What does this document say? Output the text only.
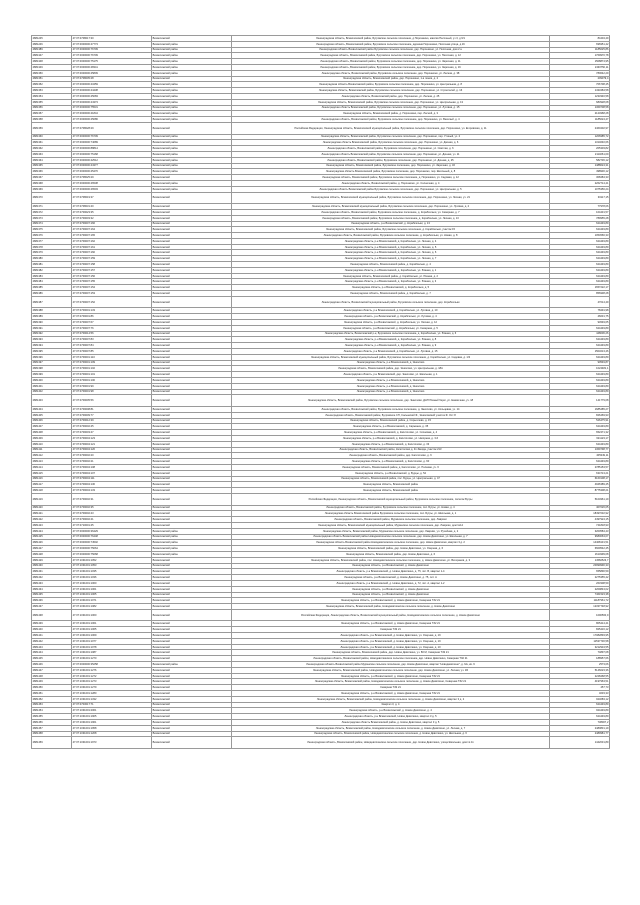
2881245	47:07:0708017:30	Всеволожский	Ленинградская область, Всеволожский район, Бугровское сельское поселение, д.Порошкино, массив Песочный, уч 3, д 6/1	84404,49
2881246	47:07:0000000:47773	Всеволожский район	Ленинградская область, Всеволожский район, Бугровское сельское поселение, деревня Порошкино, Песочная улица, д.16	696951,42
2881389	47:07:0000000:76709	Всеволожский район	Ленинградская область Всеволожский район Бугровское сельское поселение, дер. Порошкино, ул. Песочная, дом 2 а	1185625,86
2881347	47:07:0000000:76709	Всеволожский район	Ленинградская область, Всеволожский район, Бугровское сельское поселение, дер. Порошкино, ул. Песочная, д. 12	1769970,78
2881348	47:07:0000000:75175	Всеволожский район	Ленинградская область, Всеволожский район, Бугровское сельское поселение, дер. Порошкино, ул. Заречная, д. 11	1508874,95
2881349	47:07:0000000:48341	Всеволожский район	Ленинградская область, Всеволожский район, Бугровское сельское поселение, дер. Порошкино, ул. Заречная, д. 16	2430750,11
2881350	47:07:0000000:45809	Всеволожский район	Ленинградская область, Всеволожский район, Бугровское сельское поселение, дер. Порошкино, ул. Лесная, д. 38	780642,29
2881351	47:07:0708005:28	Всеволожский	Ленинградская область, Всеволожский район, дер. Порошкино, 1-я линия, д. 2	209079,4
2881352	47:07:0000000:43459	Всеволожский район	Ленинградская область Всеволожский район, Бугровское сельское поселение, дер. Порошкино, ул. Центральная, д. 8	706708,45
2881353	47:07:0000000:44438	Всеволожский район	Ленинградская область, Всеволожский район, Бугровское сельское поселение, дер. Порошкино, ул. Строителей, д. 16	1433484,58
2881354	47:07:0000000:45083	Всеволожский район	Ленинградская область, Всеволожский район, дер. Порошкино, ул. Лесная, д. 25	1233346,58
2881355	47:07:0000000:44373	Всеволожский район	Ленинградская область, Всеволожский район, Бугровское сельское поселение, дер. Порошкино, ул. Центральная, д. 13	683928,08
2881356	47:07:0000000:75531	Всеволожский район	Ленинградская область Всеволожский район, Бугровское сельское поселение, дер. Порошкино, ул. Луговая, д. 15	1369708,58
2881357	47:07:0000000:41844	Всеволожский район	Ленинградская область, Всеволожский район, д. Порошкино, пер. Лесной, д. 3	2124968,28
2881358	47:07:0000000:45086	Всеволожский район	Ленинградская область, Всеволожский район, Бугровское сельское поселение, дер. Порошкино, ул. Веселый, д. 4	1185624,47
2881359	47:07:0708028:29	Всеволожский	Российская Федерация, Ленинградская область, Всеволожский муниципальный район, Бугровское сельское поселение, дер. Порошкино, ул. Егоровская, д. 11	2460402,97
2881360	47:07:0000000:76709	Всеволожский район	Ленинградская область, Всеволожский район, Бугровское сельское поселение, дер. Порошкино, пер. Утиный, уч. 2	1206985,72
2881361	47:07:0000000:74689	Всеволожский район	Ленинградская область Всеволожский район, Бугровское сельское поселение, дер. Порошкино, ул. Дачная, д. 6	1314640,66
2881362	47:07:0000000:88814	Всеволожский район	Ленинградская область, Всеволожский район, Бугровское поселение, дер. Порошкино, ул. Светлая, д. 6	205303,82
2881363	47:07:0000000:75168	Всеволожский район	Ленинградская область Всеволожский район, Бугровское сельское поселение, дер. Порошкино, ул. Дачная, уч. 11	2114061,09
2881364	47:07:0000000:42512	Всеволожский район	Ленинградская область, Всеволожский район, Бугровское поселение, дер. Порошкино, ул. Дачная, д. 25	582736,12
2881365	47:07:0000000:44377	Всеволожский район	Ленинградская область, Всеволожский район, Бугровское поселение, дер. Порошкино, ул. Заречная, д. 32	1488624,31
2881366	47:07:0000000:45476	Всеволожский район	Ленинградская область Всеволожский район, Бугровское поселение, дер. Порошкино, пер. Школьный, д. 8	498930,12
2881367	47:07:0708025:29	Всеволожский	Ленинградская область, Всеволожский район, Бугровское сельское поселение, д. Порошкино, ул. Садовая, д. 12	308484,33
2881368	47:07:0000000:46538	Всеволожский район	Ленинградская область, Всеволожский район, д. Порошкино, ул. Солнечная, д. 4	2262714,41
2881369	47:07:0000000:46503	Всеволожский район	Ленинградская область Всеволожский район Бугровское сельское поселение, дер. Порошкино, ул. Центральная, д. 5	1075356,24
2881370	47:07:0708019:37	Всеволожский	Ленинградская область, Всеволожский муниципальный район, Бугровское сельское поселение, дер. Порошкино, ул. Лесная, уч. 21	30117,15
2881371	47:07:0708031:40	Всеволожский	Ленинградская область, Всеволожский муниципальный район, Бугровское сельское поселение, дер. Порошкино, ул. Луговая, д. 2	77978,06
2881372	47:07:0709023:35	Всеволожский	Ленинградская область, Всеволожский район, Бугровское сельское поселение, д. Корабсельки, ул. Северная, д. 7	104431,57
2881373	47:07:0709003:32	Всеволожский	Ленинградская область, Всеволожский район, Бугровское сельское поселение, д. Корабсельки, ул. Лесная, д. 13	789955,28
2881374	47:07:0709007:166	Всеволожский	Ленинградская область, р-н Всеволожский, д. Корабсельки, д. 13	624449,89
2881375	47:07:0709007:164	Всеволожский	Ленинградская область, Всеволожский район, Бугровское сельское поселение, д. Корабсельки, участок 15	624449,89
2881376	47:07:0709007:165	Всеволожский	Ленинградская область, Всеволожский район, Бугровское сельское поселение, д. Корабсельки, ул. Новая, д. 8	1054566,33
2881377	47:07:0709007:162	Всеволожский	Ленинградская область, р-н Всеволожский, д. Корабсельки, ул. Лесная, д. 4	624449,89
2881378	47:07:0709007:161	Всеволожский	Ленинградская область, р-н Всеволожский, д. Корабсельки, ул. Лесная, д. 5	624449,89
2881379	47:07:0709007:160	Всеволожский	Ленинградская область, р-н Всеволожский, д. Корабсельки, ул. Лесная, д. 6	624449,89
2881380	47:07:0709007:159	Всеволожский	Ленинградская область, р-н Всеволожский, д. Корабсельки, ул. Лесная, д. 7	624449,89
2881381	47:07:0709007:158	Всеволожский	Ленинградская область, Всеволожский район, д. Корабсельки, д. 4	624449,89
2881382	47:07:0709007:157	Всеволожский	Ленинградская область, р-н Всеволожский, д. Корабсельки, ул. Южная, д. 1	624449,89
2881383	47:07:0709007:156	Всеволожский	Ленинградская область, Всеволожский район, д. Корабсельки, ул. Южная, д. 2	624449,89
2881384	47:07:0709007:155	Всеволожский	Ленинградская область, р-н Всеволожский, д. Корабсельки, ул. Южная, д. 3	624449,89
2881385	47:07:0709007:154	Всеволожский	Ленинградская область, р-н Всеволожский, д. Корабсельки, д. 5	1657222,17
2881386	47:07:0709007:153	Всеволожский	Ленинградская область, Всеволожский район, д. Корабсельки, д. 7	856938,28
2881387	47:07:0709007:152	Всеволожский	Ленинградская область, Всеволожский муниципальный район, Бугровское сельское поселение, дер. Корабсельки	47014,49
2881388	47:07:0709001:133	Всеволожский	Ленинградская область, р-н Всеволожский, д. Корабсельки, ул. Луговая, д. 10	78491,98
2881389	47:07:0709001:86	Всеволожский	Ленинградская область, р-н Всеволожский, д. Корабсельки, ул. Луговая, д. 4	46631,75
2881390	47:07:0709007:67	Всеволожский	Ленинградская область, р-н Всеволожский, д. Корабсельки, ул. Лесная, д. 12	94549,65
2881391	47:07:0709007:76	Всеволожский	Ленинградская область, р-н Всеволожский, д. Корабсельки, ул. Северная, д. 5	624449,89
2881392	47:07:0709014:56	Всеволожский	Ленинградская область, Всеволожский р-н, Бугровское сельское поселение, д. Корабсельки, ул. Южная, д. 6	448006,26
2881393	47:07:0709007:83	Всеволожский	Ленинградская область, р-н Всеволожский, д. Корабсельки, ул. Южная, д. 8	624449,89
2881394	47:07:0709007:84	Всеволожский	Ленинградская область, р-н Всеволожский, д. Корабсельки, ул. Южная, д. 9	624449,89
2881395	47:07:0709007:85	Всеволожский	Ленинградская область, р-н Всеволожский, д. Корабсельки, ул. Луговая, д. 15	1503213,46
2881396	47:07:0709001:110	Всеволожский	Ленинградская область, Всеволожский муниципальный район, Бугровское сельское поселение, д. Корабсельки, ул. Садовая, д. 1/3	624449,89
2881397	47:07:0709001:109	Всеволожский	Ленинградская область, р-н Всеволожский, д. Энколово	90549,87
2881398	47:07:0709001:102	Всеволожский	Ленинградская область, Всеволожский район, дер. Энколово, ул. Центральная, д. 18А	1024481,1
2881399	47:07:0709001:101	Всеволожский	Ленинградская область, р-н Всеволожский, дер. Энколово, ул. Школьная, д. 1	624449,89
2881400	47:07:0709001:100	Всеволожский	Ленинградская область, р-н Всеволожский, д. Энколово	624449,89
2881401	47:07:0709001:99	Всеволожский	Ленинградская область, р-н Всеволожский, д. Энколово	624449,89
2881402	47:07:0709001:98	Всеволожский	Ленинградская область, р-н Всеволожский, д. Энколово	624449,89
2881403	47:07:0709005:56	Всеволожский	Ленинградская область, Всеволожский район, Бугровское сельское поселение, дер. Энколово, ДНП Южный берег, ул. Ежевичная, уч. 18	141779,08
2881404	47:07:0709008:81	Всеволожский	Ленинградская область, Всеволожский район, Бугровское сельское поселение, д. Энколово, ул. Кольцевая, уч. 14	1685485,27
2881405	47:07:0709009:77	Всеволожский	Ленинградская область, Всеволожский район, Бугровское СП, Салынский Ф., Энколовский участок Ф. Ост 8	826469,93
2881406	47:07:0709012:39	Всеволожский	Ленинградская область, Всеволожский район, д. Сярьгелево, д. 15	526475,91
2881407	47:07:0709002:45	Всеволожский	Ленинградская область, р-н Всеволожский, д. Сарженка, д. 35	624449,89
2881408	47:07:0709003:47	Всеволожский	Ленинградская область, р-н Всеволожский, д. Капитолово, ул. Сосновая, д. 4	652471,32
2881409	47:07:0709004:123	Всеволожский	Ленинградская область, р-н Всеволожский, д. Капитолово, ул. Нагорная, д. 3-6	621123,17
2881410	47:07:0709004:121	Всеволожский	Ленинградская область, р-н Всеволожский, д. Капитолово, д. 33	624449,89
2881411	47:07:0709004:120	Всеволожский	Ленинградская область, Всеволожский район, Капитолово д. 41 Звезда, участок 213	1369798,77
2881412	47:07:0709002:20	Всеволожский	Ленинградская область, Всеволожский район, дер. Капитолово, д. 6	405349,11
2881413	47:07:0709002:21	Всеволожский	Ленинградская область, р-н Всеволожский, д. Капитолово, д. 60	624449,89
2881414	47:07:0709004:108	Всеволожский	Ленинградская область, Всеволожский район, д. Капитолово, ул. Полевая, уч. 6	2785153,57
2881415	47:07:0709004:107	Всеволожский	Ленинградская область, р-н Всеволожский, д. Бурцы, д. 54	634713,21
2881416	47:07:0709004:111	Всеволожский	Ленинградская область, Всеволожский район, пос. Бурцы, ул. Центральная, д. 47	6160108,17
2881417	47:07:0709004:130	Всеволожский	Ленинградская область, Всеволожский район	4946389,45
2881418	47:07:0709004:133	Всеволожский	Ленинградская область, Всеволожский район	8775308,21
2881419	47:07:0709002:31	Всеволожский	Российская Федерация, Ленинградская область, Всеволожский муниципальный район, Бугровское сельское поселение, поселок Бугры	5104961,19
2881420	47:07:0709002:35	Всеволожский	Ленинградская область, Всеволожский район, Бугровское сельское поселение, пос. Бугры, ул. Новая, д. 4	407026,05
2881421	47:07:0709002:43	Всеволожский	Ленинградская область Всеволожский район Бугровское сельское поселение, пос. Бугры, ул. Школьная, д. 1	18497032,92
2881422	47:07:0709002:41	Всеволожский	Ленинградская область, Всеволожский район, Мурмнское сельское поселение, дер. Лаврики	4497924,15
2881423	47:07:0710001:45	Всеволожский	Ленинградская область, Всеволожский муниципальный район, Мурмнское сельское поселение, дер. Лаврики, дом №14	741818,93
2881424	47:07:0000000:36429	Всеволожский район	Ленинградская область, Всеволожский район, Мурмнское сельское поселение, дер. Лаврики, ул. Ручейная, д. 2	3200584,43
2881425	47:07:0000000:76448	Всеволожский район	Ленинградская область Всеволожский район Новодевяткинское сельское поселение, дер. Новое Девяткино, ул. Школьная, д. 7	9680063,07
2881426	47:07:0000000:74502	Всеволожский район	Ленинградская область Всеволожский район Новодевяткинское сельское поселение, дер. Новое Девяткино, квартал 3 д. 2	14408131,51
2881427	47:07:0000000:75064	Всеволожский район	Ленинградская область, Всеволожский район, дер. Новое Девяткино, ул. Озерная, д. 6	6609542,45
2881428	47:07:0000000:75068	Всеволожский район	Ленинградская область, Всеволожский район, дер. Новое Девяткино, д. 6	1614999,08
2881429	47:07:1031001:1052	Всеволожский	Ленинградская область, Всеволожский район, пос. Новодевяткинское сельское поселение, д. Новое Девяткино, ул. Ветеранов, д. 3	14582523,7
2881430	47:07:1031001:1053	Всеволожский	Ленинградская область, р-н Всеволожский, д. Новое Девяткино	20999990,33
2881431	47:07:1031001:1035	Всеволожский	Ленинградская область, р-н Всеволожский, д. Новое Девяткино, д. 75, лит. В, квартал 1-4	655890,59
2881432	47:07:1031001:1036	Всеволожский	Ленинградская область, р-н Всеволожский, д. Новое Девяткино, д. 75, лит. А	2275355,42
2881433	47:07:1031001:1060	Всеволожский	Ленинградская область, р-н Всеволожский, д. Новое Девяткино, д. 72, лит. А, квартал 1-2	263308,59
2881434	47:07:1031001:1061	Всеволожский	Ленинградская область, р-н Всеволожский, д. Новое Девяткино	2209843,02
2881435	47:07:1031001:1065	Всеволожский	Ленинградская область, р-н Всеволожский, д. Новое Девяткино	7461523,38
2881436	47:07:1031001:1071	Всеволожский	Ленинградская область, р-н Всеволожский, д. Новое Девяткино, Северная ТЗ2 21	11187961,72
2881437	47:07:1031001:1082	Всеволожский	Ленинградская область, Всеволожский район, Новодевяткинское сельское поселение, д. Новое Девяткино	12337748,92
2881438	47:07:1031001:1060	Всеволожский	Российская Федерация, Ленинградская область, Всеволожский муниципальный район, Новодевяткинское сельское поселение, д. Новое Девяткино	1090560,9
2881439	47:07:1031001:1061	Всеволожский	Ленинградская область, р-н Всеволожский, д. Новое Девяткино, Северная ТЗ2 21	805414,41
2881440	47:07:1031001:1065	Всеволожский	Северная ТЗ2 21	825416,12
2881441	47:07:1031001:1069	Всеволожский	Ленинградская область, р-н Всеволожский, д. Новое Девяткино, ул. Озерная, д. 19	17082893,95
2881442	47:07:1031001:1077	Всеволожский	Ленинградская область, р-н Всеволожский, д. Новое Девяткино, ул. Озерная, д. 19	11537730,58
2881443	47:07:1031001:1078	Всеволожский	Ленинградская область, р-н Всеволожский, д. Новое Девяткино, ул. Озерная, д. 10	3212934,55
2881444	47:07:1031001:1087	Всеволожский	Ленинградская область, Всеволожский район, дер. Новое Девяткино, уч. 80 М, Северная ТЗ2 21	74897,08
2881445	47:07:1031001:1270	Всеволожский	Ленинградская область, Всеволожский район, Новодевяткинское сельское поселение, дер. Новое Девяткино, Северная ТЗ2 21	188957,66
2881446	47:07:0000000:35258	Всеволожский район	Ленинградская область Всеволожский район Мурмнское сельское поселение, дер. Новое Девяткино, квартал "Новодевяткино", д. 6/н, кв. 9	2573,06
2881447	47:07:1031001:1276	Всеволожский	Ленинградская область, Всеволожский район, Новодевяткинское сельское поселение, дер. Новое Девяткино, ул. Лесная, уч. 1Б	5146023,36
2881448	47:07:1031001:1272	Всеволожский	Ленинградская область, р-н Всеволожский, д. Новое Девяткино, Северная ТЗ2 21	2228468,55
2881449	47:07:1031001:1273	Всеволожский	Ленинградская область, Всеволожский район, Новодевяткинское сельское поселение, д. Новое Девяткино, Северная ТЗ2 21	4197963,51
2881450	47:07:1031001:1279	Всеволожский	Северная ТЗ2 21	457,73
2881451	47:07:1031001:1280	Всеволожский	Ленинградская область, р-н Всеволожский, д. Новое Девяткино, Северная ТЗ2 21	4633,33
2881452	47:07:1031001:1332	Всеволожский	Ленинградская область, Всеволожский район, Новодевяткинское сельское поселение, д. Новое Девяткино, квартал 3 д. 2	924683,12
2881453	47:07:0703017:71	Всеволожский	Квартал 3, д. 4	624449,89
2881454	47:07:1031001:2061	Всеволожский	Ленинградская область, р-н Всеволожский, д. Новое Девяткино, д. 4	924449,89
2881455	47:07:1031001:1905	Всеволожский	Ленинградская область, р-н Всеволожский, Новое Девяткино, квартал 3 д. 5	624449,89
2881456	47:07:1031001:1961	Всеволожский	Ленинградская область Всеволожский район, д. Новое Девяткино, квартал 3 д. 5	738007,2
2881457	47:07:1031001:1958	Всеволожский	Ленинградская область, Всеволожский район, Новодевяткинское сельское поселение, д. Новое Девяткино, ул. Лесная, д. 7	2480831,19
2881458	47:07:1031001:1208	Всеволожский	Ленинградская область, Всеволожский район, Новодевяткинское сельское поселение, д. Новое Девяткино, ул. Школьная, д. 6	2489981,77
2881459	47:07:1031001:1973	Всеволожский	Ленинградская область, Всеволожский район, Новодевяткинское сельское поселение, дер. Новое Девяткино, улица Школьная, дом № 11	1442031,89
